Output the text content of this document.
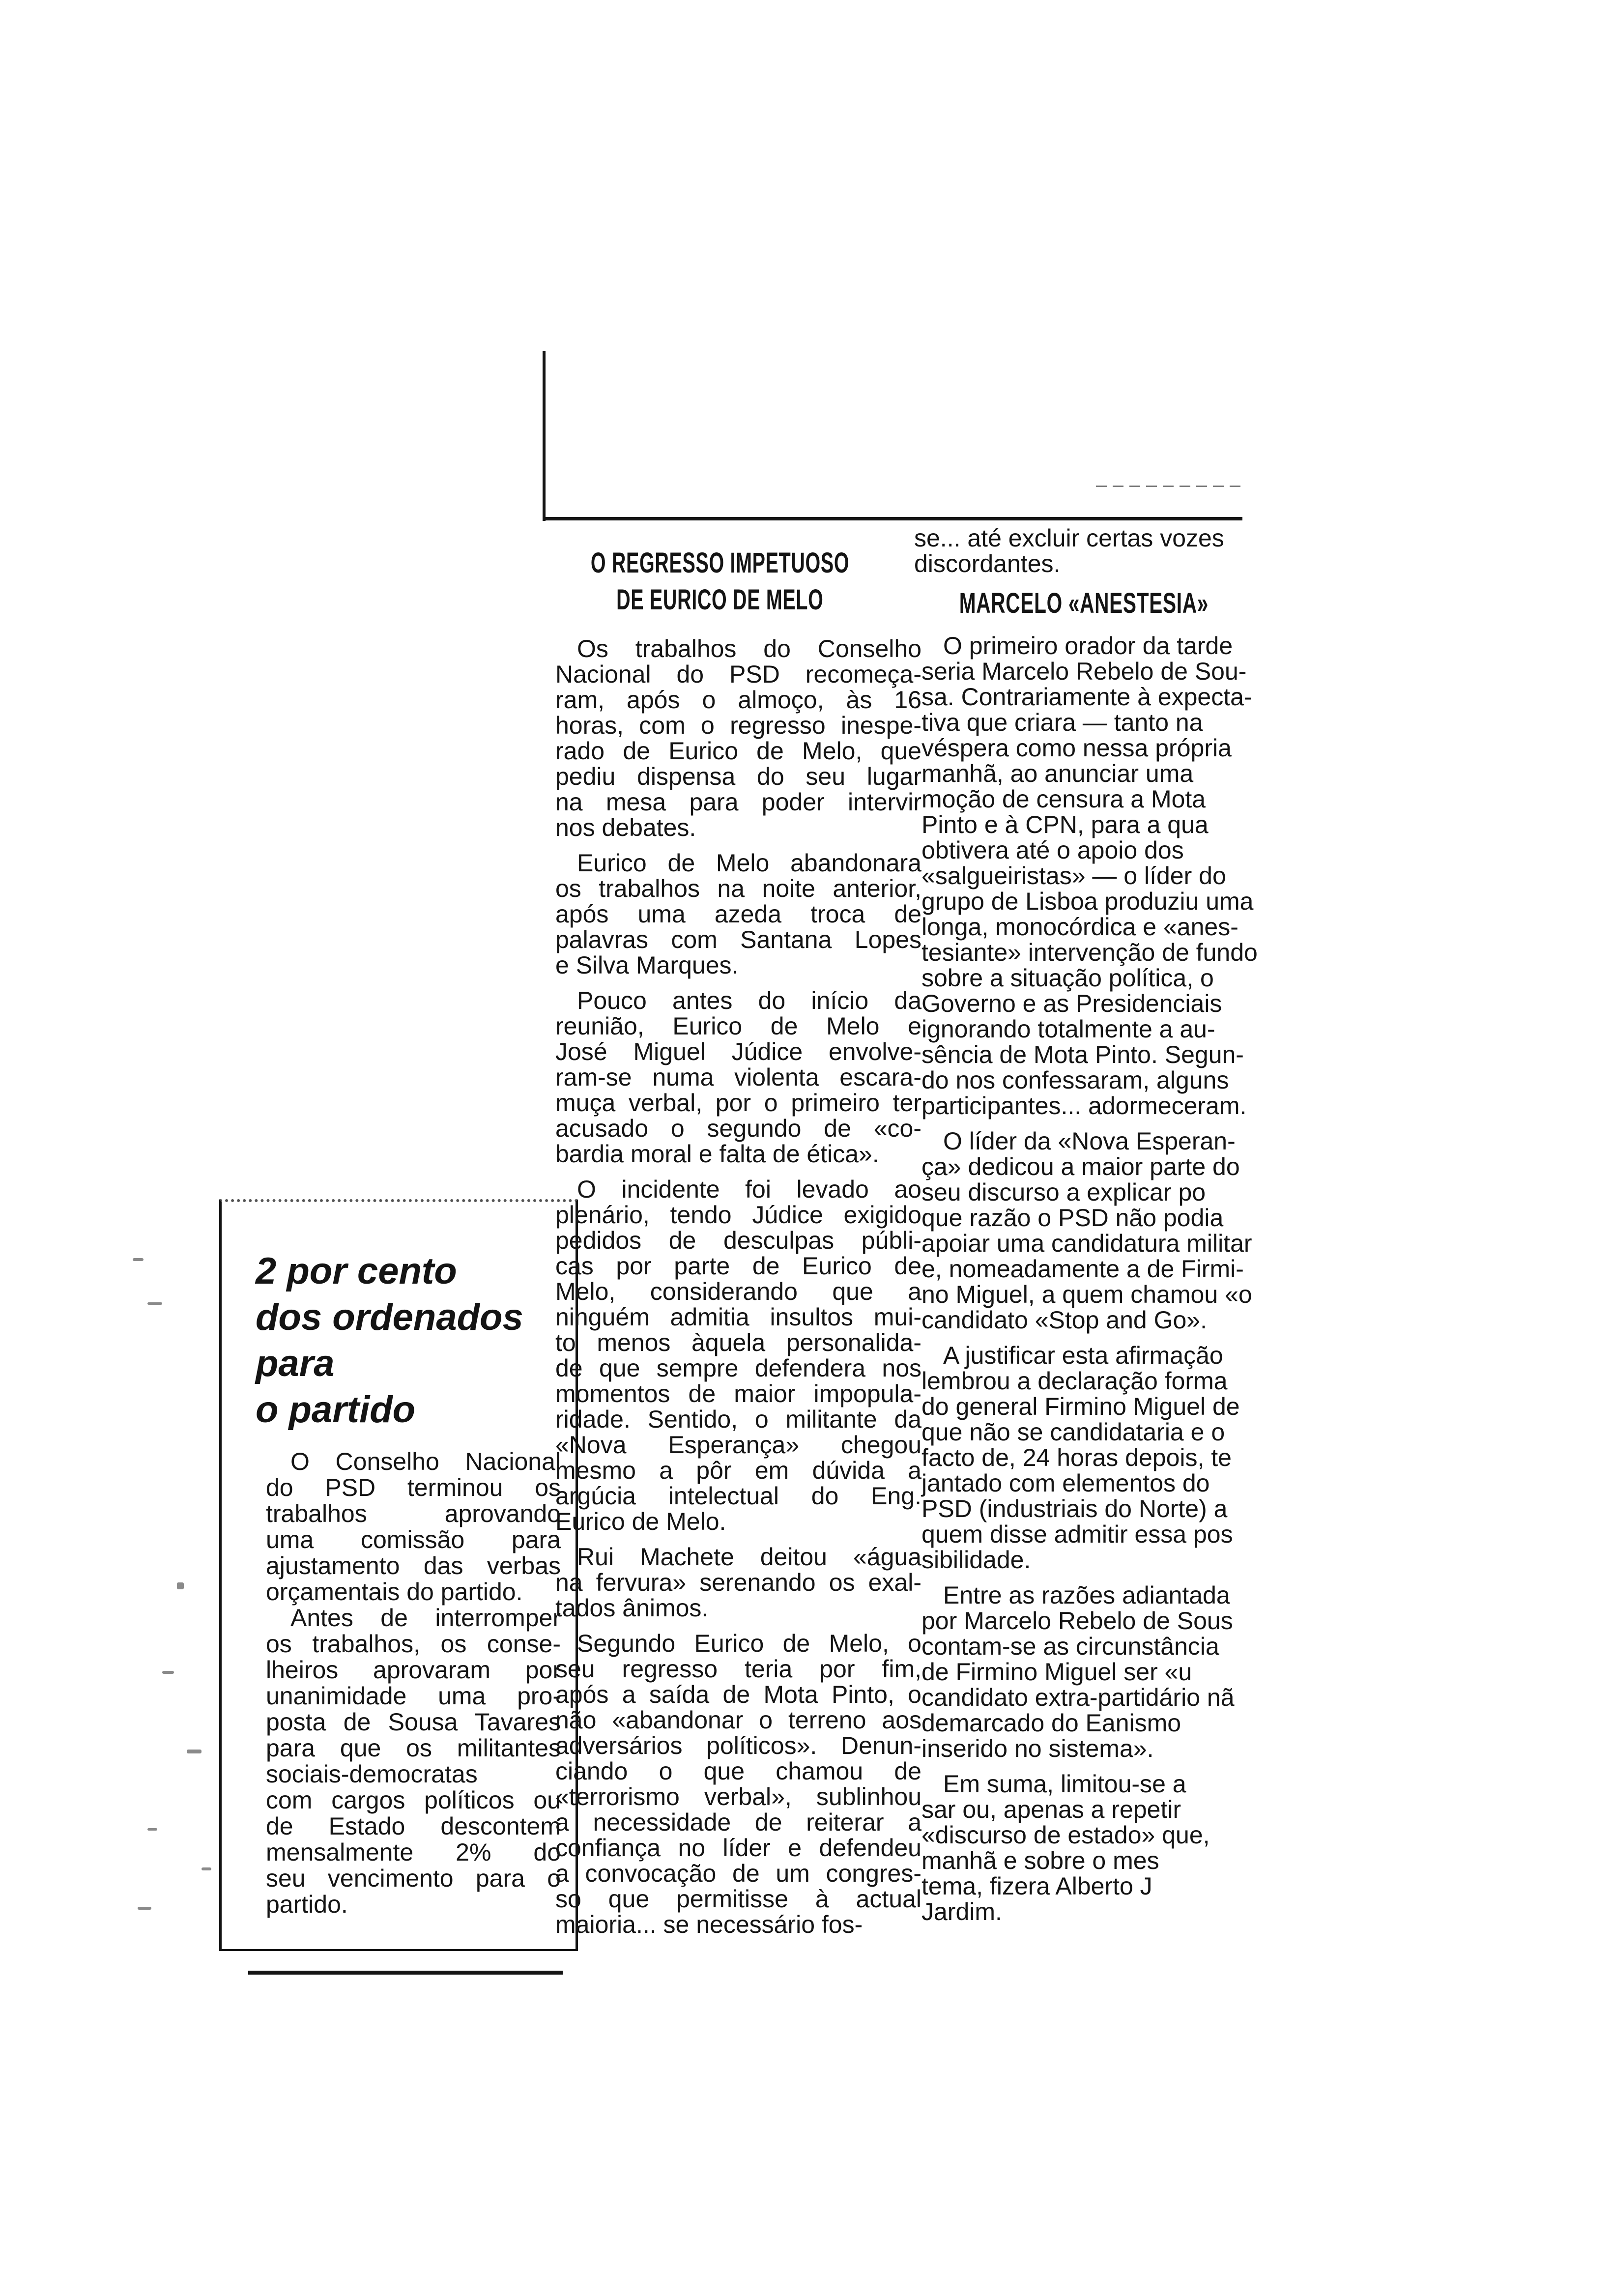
O REGRESSO IMPETUOSO
DE EURICO DE MELO
Os trabalhos do Conselho
Nacional do PSD recomeça-
ram, após o almoço, às 16
horas, com o regresso inespe-
rado de Eurico de Melo, que
pediu dispensa do seu lugar
na mesa para poder intervir
nos debates.
Eurico de Melo abandonara
os trabalhos na noite anterior,
após uma azeda troca de
palavras com Santana Lopes
e Silva Marques.
Pouco antes do início da
reunião, Eurico de Melo e
José Miguel Júdice envolve-
ram-se numa violenta escara-
muça verbal, por o primeiro ter
acusado o segundo de «co-
bardia moral e falta de ética».
O incidente foi levado ao
plenário, tendo Júdice exigido
pedidos de desculpas públi-
cas por parte de Eurico de
Melo, considerando que a
ninguém admitia insultos mui-
to menos àquela personalida-
de que sempre defendera nos
momentos de maior impopula-
ridade. Sentido, o militante da
«Nova Esperança» chegou
mesmo a pôr em dúvida a
argúcia intelectual do Eng.
Eurico de Melo.
Rui Machete deitou «água
na fervura» serenando os exal-
tados ânimos.
Segundo Eurico de Melo, o
seu regresso teria por fim,
após a saída de Mota Pinto, o
não «abandonar o terreno aos
adversários políticos». Denun-
ciando o que chamou de
«terrorismo verbal», sublinhou
a necessidade de reiterar a
confiança no líder e defendeu
a convocação de um congres-
so que permitisse à actual
maioria... se necessário fos-
se... até excluir certas vozes
discordantes.
MARCELO «ANESTESIA»
O primeiro orador da tarde
seria Marcelo Rebelo de Sou-
sa. Contrariamente à expecta-
tiva que criara — tanto na
véspera como nessa própria
manhã, ao anunciar uma
moção de censura a Mota
Pinto e à CPN, para a qua
obtivera até o apoio dos
«salgueiristas» — o líder do
grupo de Lisboa produziu uma
longa, monocórdica e «anes-
tesiante» intervenção de fundo
sobre a situação política, o
Governo e as Presidenciais
ignorando totalmente a au-
sência de Mota Pinto. Segun-
do nos confessaram, alguns
participantes... adormeceram.
O líder da «Nova Esperan-
ça» dedicou a maior parte do
seu discurso a explicar po
que razão o PSD não podia
apoiar uma candidatura militar
e, nomeadamente a de Firmi-
no Miguel, a quem chamou «o
candidato «Stop and Go».
A justificar esta afirmação
lembrou a declaração forma
do general Firmino Miguel de
que não se candidataria e o
facto de, 24 horas depois, te
jantado com elementos do
PSD (industriais do Norte) a
quem disse admitir essa pos
sibilidade.
Entre as razões adiantada
por Marcelo Rebelo de Sous
contam-se as circunstância
de Firmino Miguel ser «u
candidato extra-partidário nã
demarcado do Eanismo
inserido no sistema».
Em suma, limitou-se a
sar ou, apenas a repetir
«discurso de estado» que,
manhã e sobre o mes
tema, fizera Alberto J
Jardim.
2 por cento
dos ordenados
para
o partido
O Conselho Nacional
do PSD terminou os
trabalhos aprovando
uma comissão para
ajustamento das verbas
orçamentais do partido.
Antes de interromper
os trabalhos, os conse-
lheiros aprovaram por
unanimidade uma pro-
posta de Sousa Tavares
para que os militantes
sociais-democratas
com cargos políticos ou
de Estado descontem
mensalmente 2% do
seu vencimento para o
partido.
